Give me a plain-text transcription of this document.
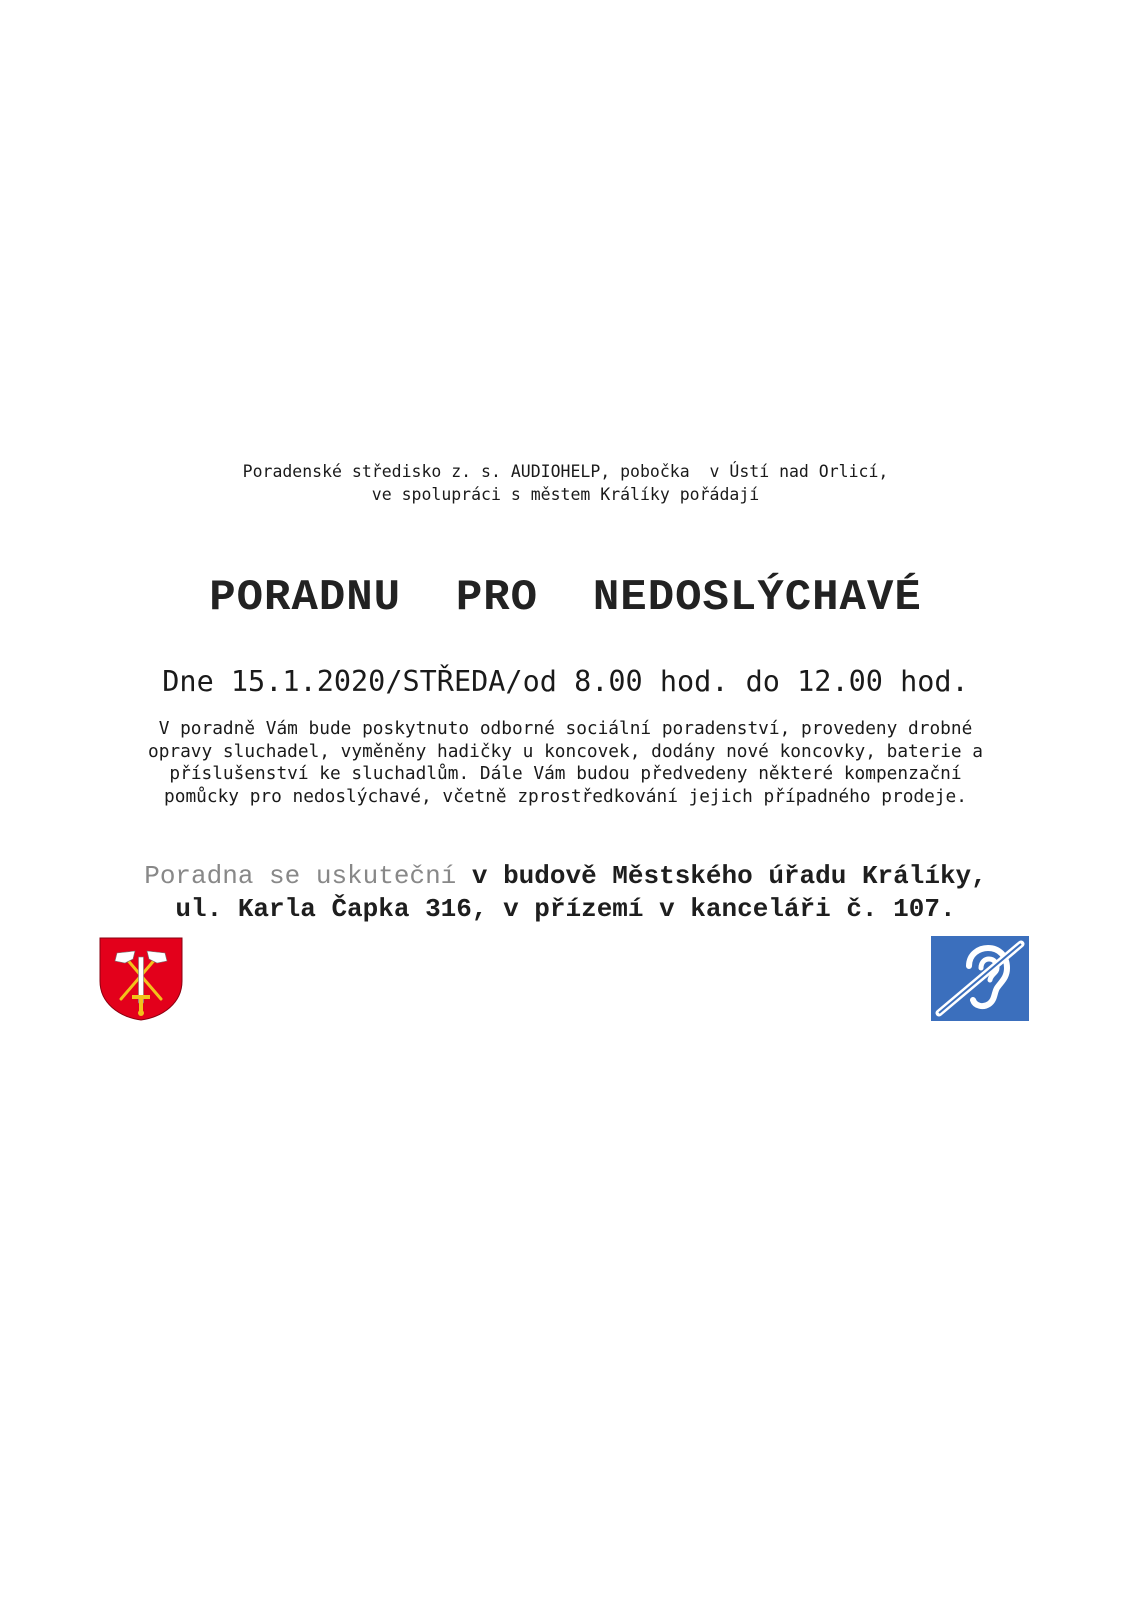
Poradenské středisko z. s. AUDIOHELP, pobočka  v Ústí nad Orlicí,
ve spolupráci s městem Králíky pořádají
PORADNU  PRO  NEDOSLÝCHAVÉ
Dne 15.1.2020/STŘEDA/od 8.00 hod. do 12.00 hod.
V poradně Vám bude poskytnuto odborné sociální poradenství, provedeny drobné
opravy sluchadel, vyměněny hadičky u koncovek, dodány nové koncovky, baterie a
příslušenství ke sluchadlům. Dále Vám budou předvedeny některé kompenzační
pomůcky pro nedoslýchavé, včetně zprostředkování jejich případného prodeje.
Poradna se uskuteční v budově Městského úřadu Králíky,
ul. Karla Čapka 316, v přízemí v kanceláři č. 107.
